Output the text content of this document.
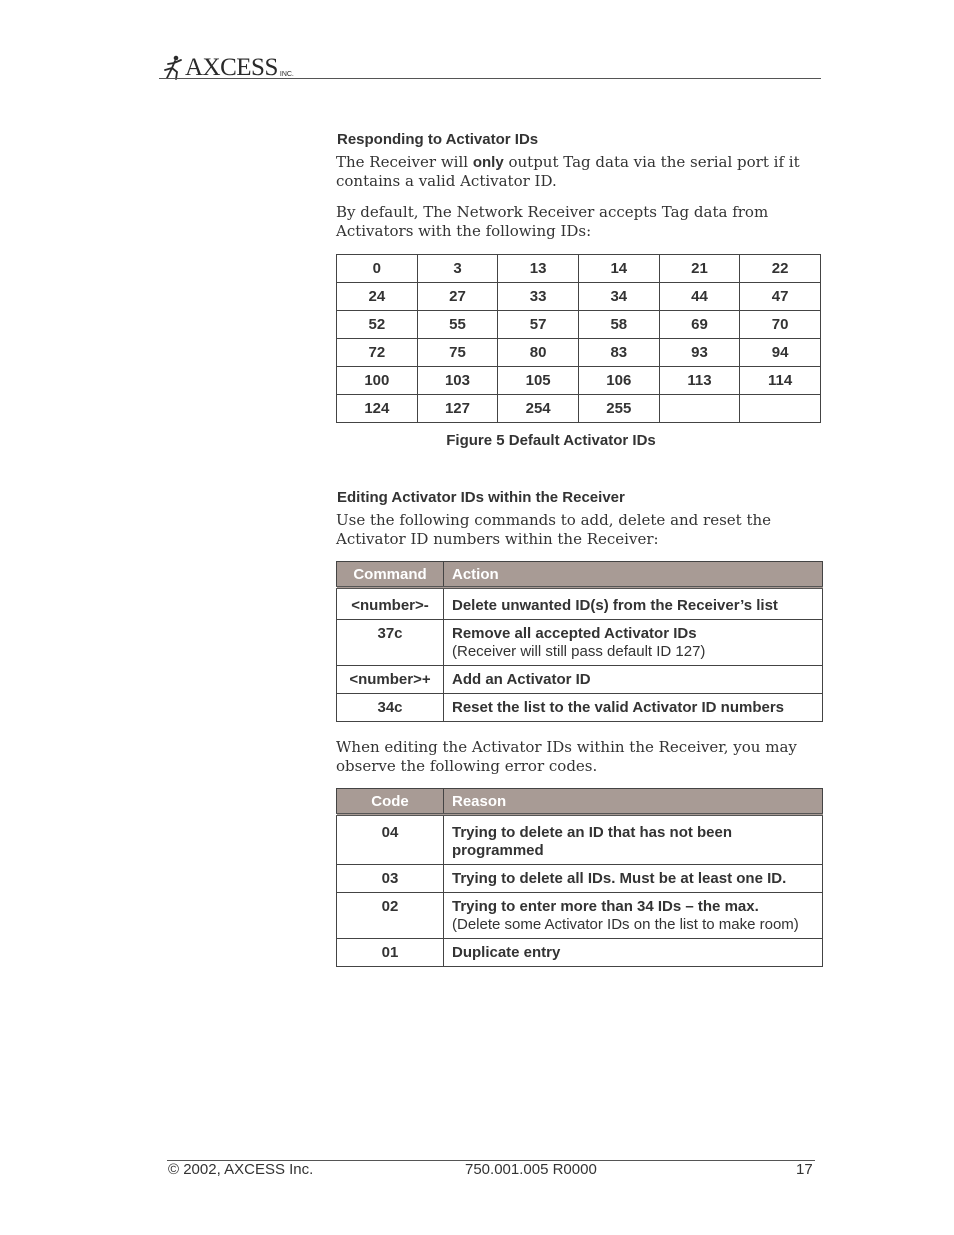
AXCESS INC.
Responding to Activator IDs
The Receiver will only output Tag data via the serial port if it contains a valid Activator ID.
By default, The Network Receiver accepts Tag data from Activators with the following IDs:
0	3	13	14	21	22
24	27	33	34	44	47
52	55	57	58	69	70
72	75	80	83	93	94
100	103	105	106	113	114
124	127	254	255		
Figure 5 Default Activator IDs
Editing Activator IDs within the Receiver
Use the following commands to add, delete and reset the Activator ID numbers within the Receiver:
Command	Action
<number>-	Delete unwanted ID(s) from the Receiver’s list
37c	Remove all accepted Activator IDs
(Receiver will still pass default ID 127)

<number>+	Add an Activator ID
34c	Reset the list to the valid Activator ID numbers
When editing the Activator IDs within the Receiver, you may observe the following error codes.
Code	Reason
04	Trying to delete an ID that has not been programmed
03	Trying to delete all IDs. Must be at least one ID.
02	Trying to enter more than 34 IDs – the max.
(Delete some Activator IDs on the list to make room)

01	Duplicate entry
© 2002, AXCESS Inc.	750.001.005 R0000	17
